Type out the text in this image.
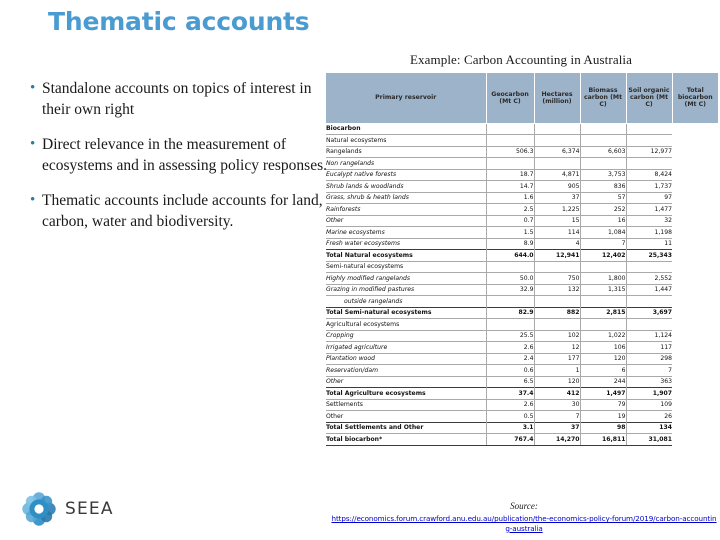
Thematic accounts
• Standalone accounts on topics of interest in their own right
• Direct relevance in the measurement of ecosystems and in assessing policy responses.
• Thematic accounts include accounts for land, carbon, water and biodiversity.
Example: Carbon Accounting in Australia
Primary reservoir	Geocarbon (Mt C)	Hectares (million)	Biomass carbon (Mt C)	Soil organic carbon (Mt C)	Total biocarbon (Mt C)
Biocarbon					
Natural ecosystems					
Rangelands	506.3	6,374	6,603	12,977	
Non rangelands					
Eucalypt native forests	18.7	4,871	3,753	8,424	
Shrub lands & woodlands	14.7	905	836	1,737	
Grass, shrub & heath lands	1.6	37	57	97	
Rainforests	2.5	1,225	252	1,477	
Other	0.7	15	16	32	
Marine ecosystems	1.5	114	1,084	1,198	
Fresh water ecosystems	8.9	4	7	11	
Total Natural ecosystems	644.0	12,941	12,402	25,343	
Semi-natural ecosystems					
Highly modified rangelands	50.0	750	1,800	2,552	
Grazing in modified pastures	32.9	132	1,315	1,447	
outside rangelands					
Total Semi-natural ecosystems	82.9	882	2,815	3,697	
Agricultural ecosystems					
Cropping	25.5	102	1,022	1,124	
Irrigated agriculture	2.6	12	106	117	
Plantation wood	2.4	177	120	298	
Reservation/dam	0.6	1	6	7	
Other	6.5	120	244	363	
Total Agriculture ecosystems	37.4	412	1,497	1,907	
Settlements	2.6	30	79	109	
Other	0.5	7	19	26	
Total Settlements and Other	3.1	37	98	134	
Total biocarbon*	767.4	14,270	16,811	31,081	
Source:
https://economics.forum.crawford.anu.edu.au/publication/the-economics-policy-forum/2019/carbon-accounting-australia
SEEA
